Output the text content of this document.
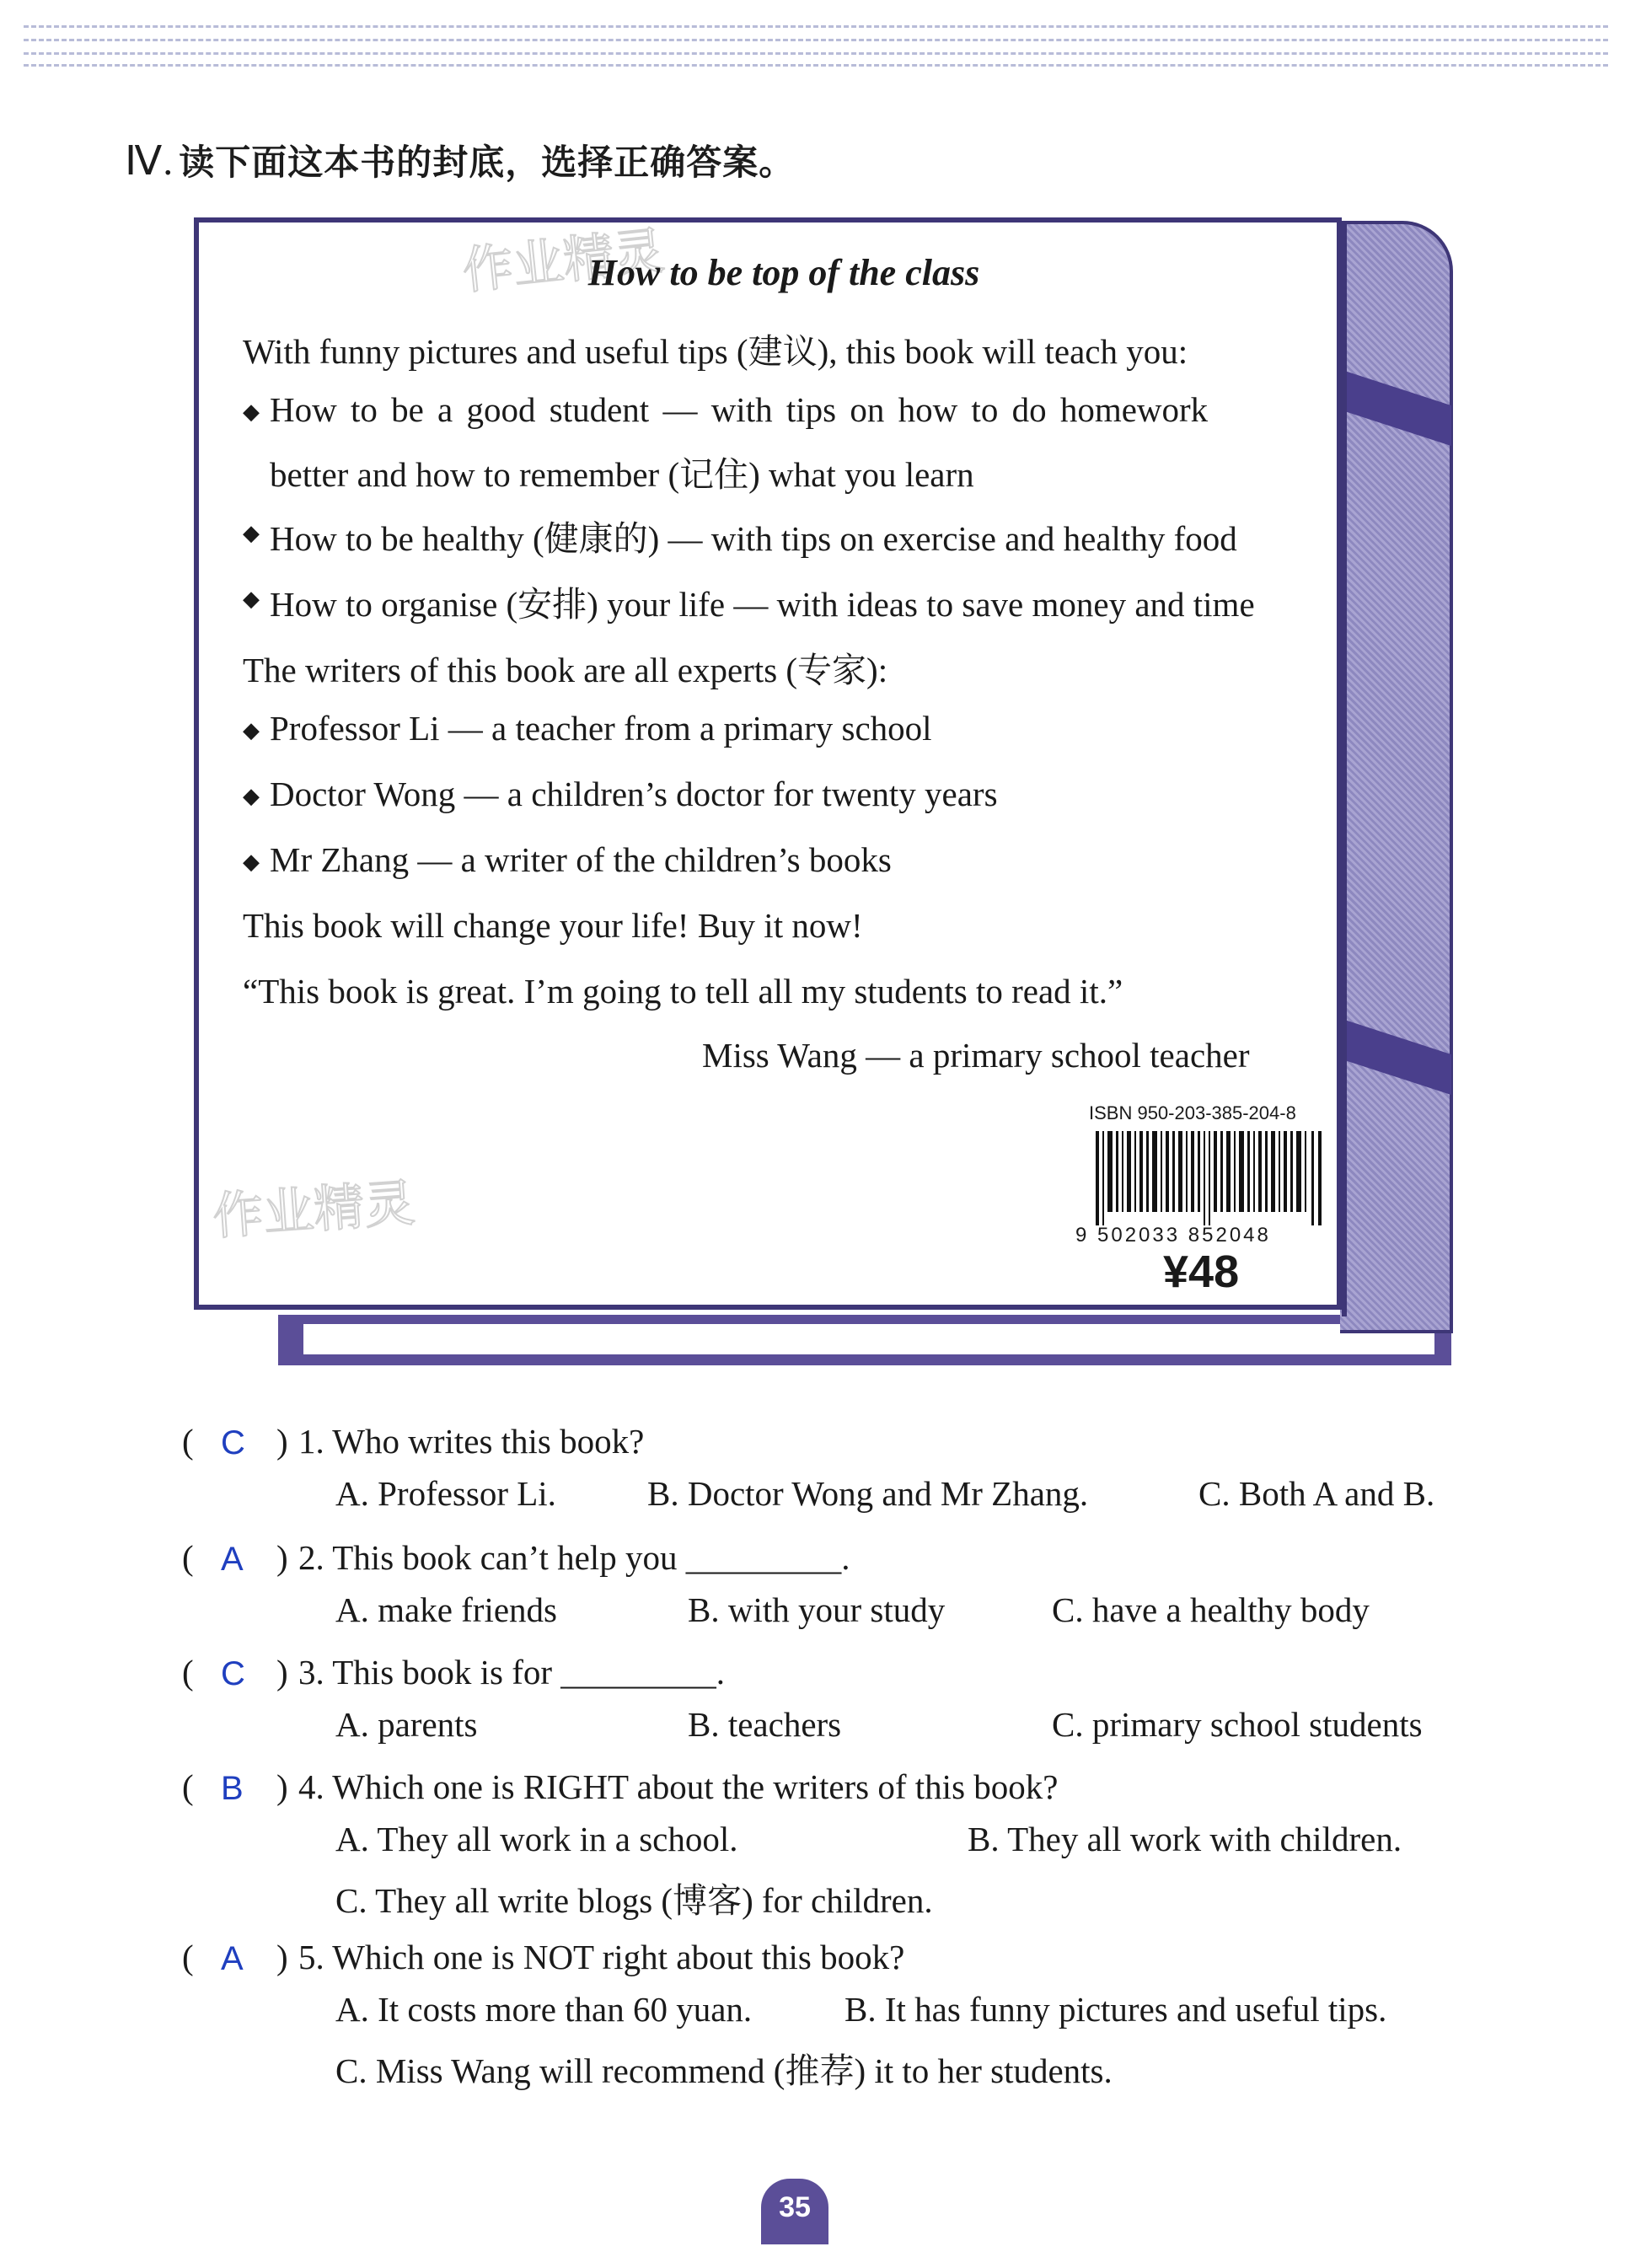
Ⅳ. 读下面这本书的封底，选择正确答案。
作业精灵
作业精灵
How to be top of the class
With funny pictures and useful tips (建议), this book will teach you:
◆ How to be a good student — with tips on how to do homework
better and how to remember (记住) what you learn
◆ How to be healthy (健康的) — with tips on exercise and healthy food
◆ How to organise (安排) your life — with ideas to save money and time
The writers of this book are all experts (专家):
◆ Professor Li — a teacher from a primary school
◆ Doctor Wong — a children’s doctor for twenty years
◆ Mr Zhang — a writer of the children’s books
This book will change your life! Buy it now!
“This book is great. I’m going to tell all my students to read it.”
Miss Wang — a primary school teacher
ISBN 950-203-385-204-8
9 502033 852048
¥48
( C ) 1. Who writes this book?
A. Professor Li.	B. Doctor Wong and Mr Zhang.	C. Both A and B.
( A ) 2. This book can’t help you _________.
A. make friends	B. with your study	C. have a healthy body
( C ) 3. This book is for _________.
A. parents	B. teachers	C. primary school students
( B ) 4. Which one is RIGHT about the writers of this book?
A. They all work in a school.	B. They all work with children.
C. They all write blogs (博客) for children.
( A ) 5. Which one is NOT right about this book?
A. It costs more than 60 yuan.	B. It has funny pictures and useful tips.
C. Miss Wang will recommend (推荐) it to her students.
35
